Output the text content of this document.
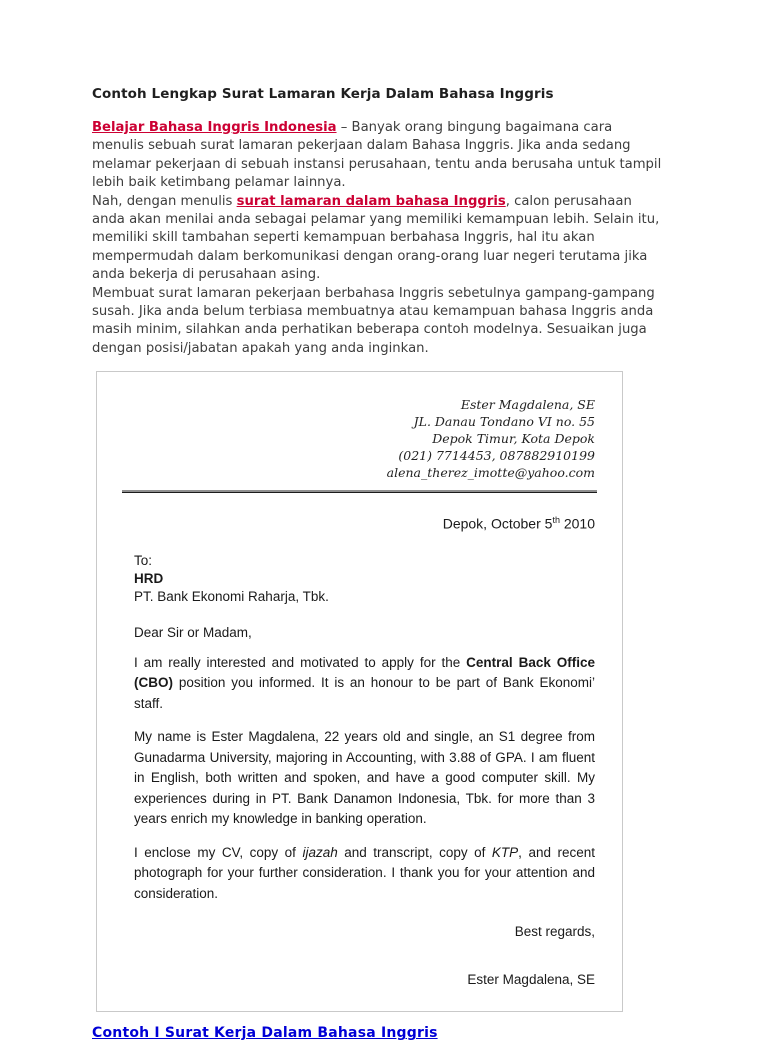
Contoh Lengkap Surat Lamaran Kerja Dalam Bahasa Inggris

Belajar Bahasa Inggris Indonesia – Banyak orang bingung bagaimana cara menulis sebuah surat lamaran pekerjaan dalam Bahasa Inggris. Jika anda sedang melamar pekerjaan di sebuah instansi perusahaan, tentu anda berusaha untuk tampil lebih baik ketimbang pelamar lainnya.

Nah, dengan menulis surat lamaran dalam bahasa Inggris, calon perusahaan anda akan menilai anda sebagai pelamar yang memiliki kemampuan lebih. Selain itu, memiliki skill tambahan seperti kemampuan berbahasa Inggris, hal itu akan mempermudah dalam berkomunikasi dengan orang-orang luar negeri terutama jika anda bekerja di perusahaan asing.

Membuat surat lamaran pekerjaan berbahasa Inggris sebetulnya gampang-gampang susah. Jika anda belum terbiasa membuatnya atau kemampuan bahasa Inggris anda masih minim, silahkan anda perhatikan beberapa contoh modelnya. Sesuaikan juga dengan posisi/jabatan apakah yang anda inginkan.

Ester Magdalena, SE
JL. Danau Tondano VI no. 55
Depok Timur, Kota Depok
(021) 7714453, 087882910199
alena_therez_imotte@yahoo.com
Depok, October 5th 2010
To:
HRD
PT. Bank Ekonomi Raharja, Tbk.
Dear Sir or Madam,

I am really interested and motivated to apply for the Central Back Office (CBO) position you informed. It is an honour to be part of Bank Ekonomi’ staff.

My name is Ester Magdalena, 22 years old and single, an S1 degree from Gunadarma University, majoring in Accounting, with 3.88 of GPA. I am fluent in English, both written and spoken, and have a good computer skill. My experiences during in PT. Bank Danamon Indonesia, Tbk. for more than 3 years enrich my knowledge in banking operation.

I enclose my CV, copy of ijazah and transcript, copy of KTP, and recent photograph for your further consideration. I thank you for your attention and consideration.

Best regards,
Ester Magdalena, SE
Contoh I Surat Kerja Dalam Bahasa Inggris
